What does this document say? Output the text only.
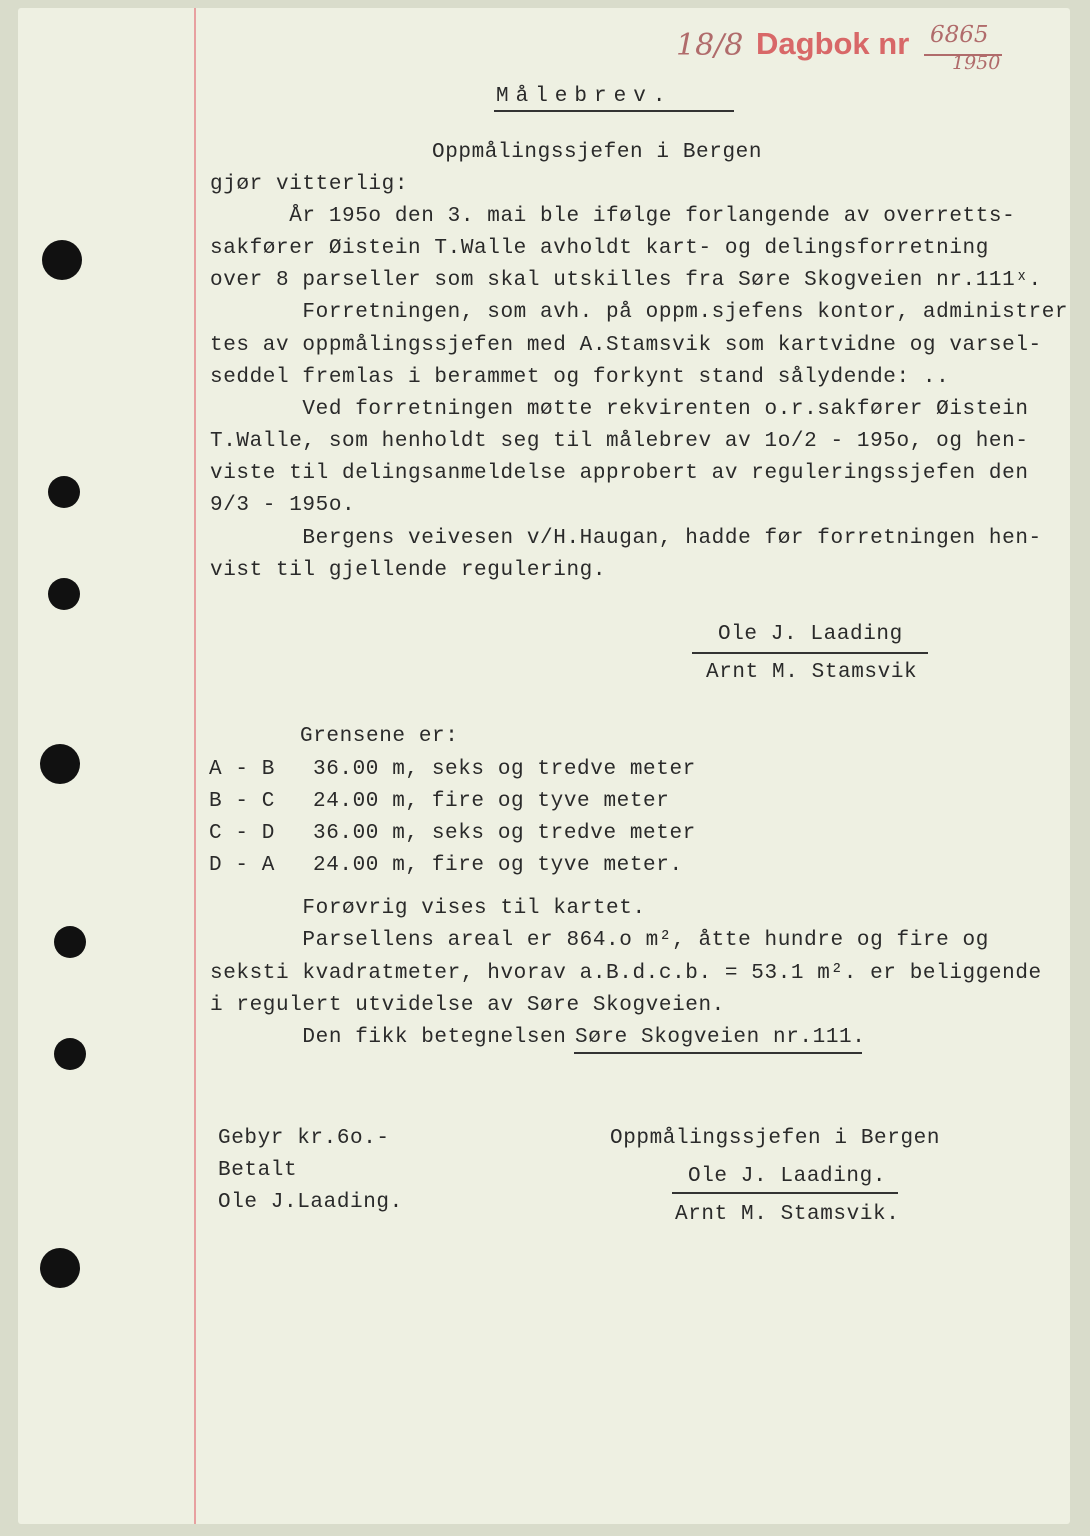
18/8 Dagbok nr 6865
1950
Målebrev.
Oppmålingssjefen i Bergen
gjør vitterlig:
År 195o den 3. mai ble ifølge forlangende av overretts-
sakfører Øistein T.Walle avholdt kart- og delingsforretning
over 8 parseller som skal utskilles fra Søre Skogveien nr.111ˣ.
Forretningen, som avh. på oppm.sjefens kontor, administrer
tes av oppmålingssjefen med A.Stamsvik som kartvidne og varsel-
seddel fremlas i berammet og forkynt stand sålydende: ..
Ved forretningen møtte rekvirenten o.r.sakfører Øistein
T.Walle, som henholdt seg til målebrev av 1o/2 - 195o, og hen-
viste til delingsanmeldelse approbert av reguleringssjefen den
9/3 - 195o.
Bergens veivesen v/H.Haugan, hadde før forretningen hen-
vist til gjellende regulering.
Ole J. Laading
Arnt M. Stamsvik
Grensene er:
A - B 36.00 m, seks og tredve meter
B - C 24.00 m, fire og tyve meter
C - D 36.00 m, seks og tredve meter
D - A 24.00 m, fire og tyve meter.
Forøvrig vises til kartet.
Parsellens areal er 864.o m², åtte hundre og fire og
seksti kvadratmeter, hvorav a.B.d.c.b. = 53.1 m². er beliggende
i regulert utvidelse av Søre Skogveien.
Den fikk betegnelsen
Søre Skogveien nr.111.
Gebyr kr.6o.-
Betalt
Ole J.Laading.
Oppmålingssjefen i Bergen
Ole J. Laading.
Arnt M. Stamsvik.
